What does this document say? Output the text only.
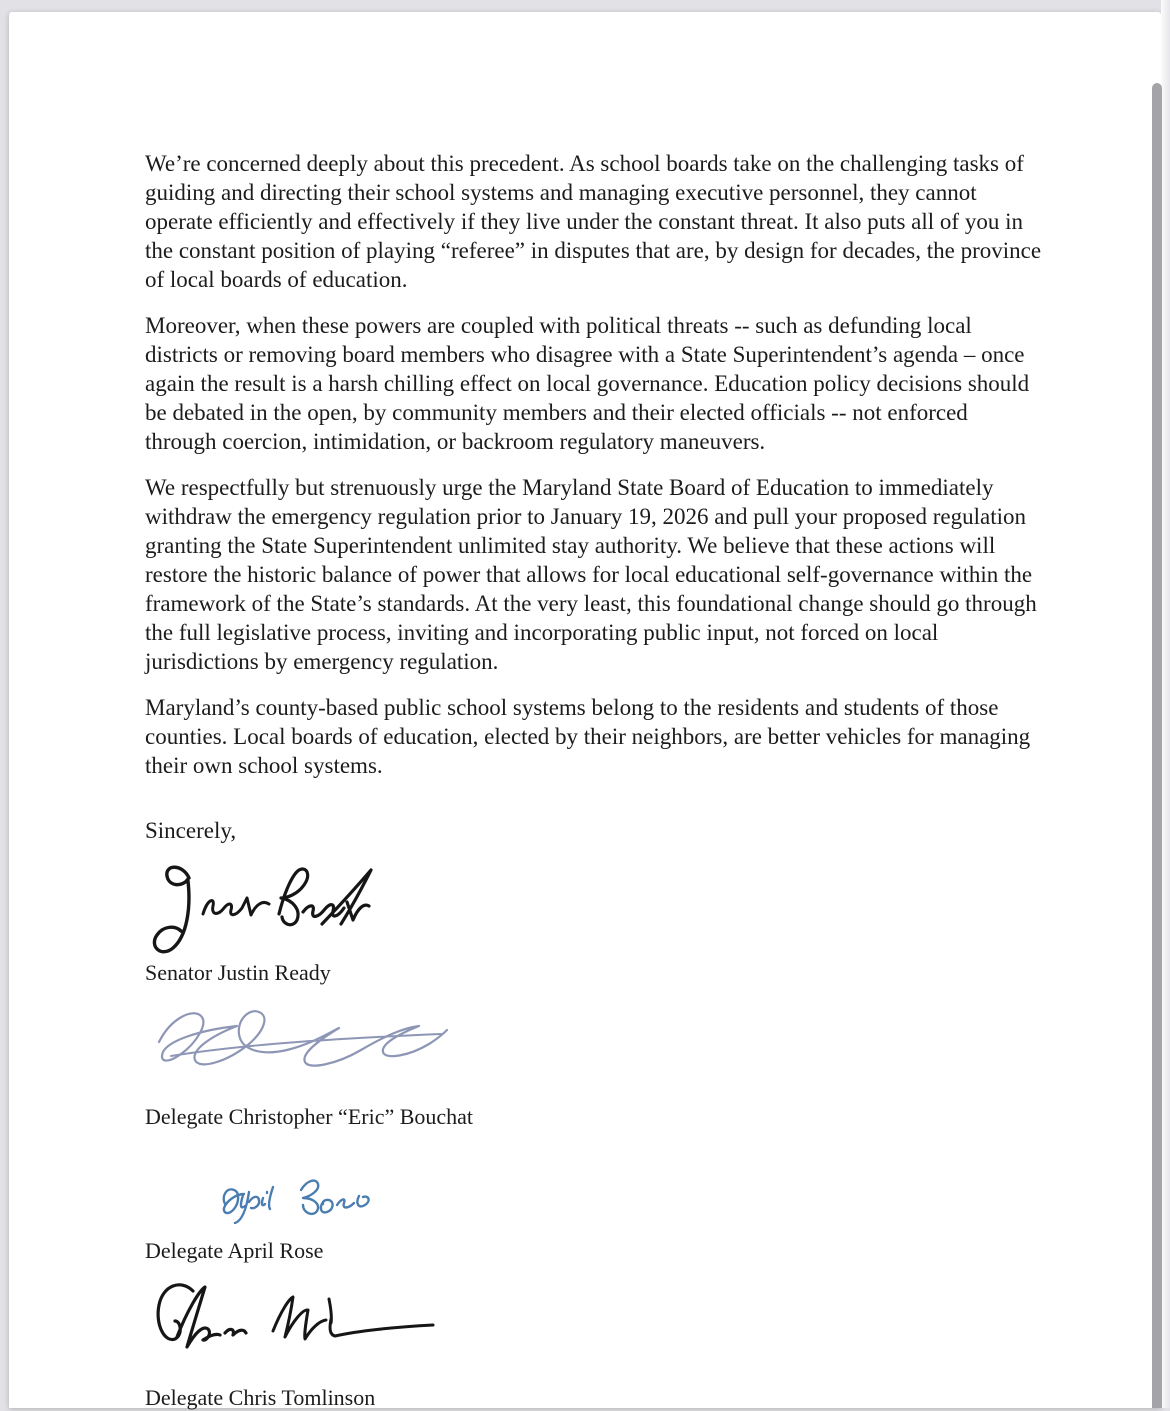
We’re concerned deeply about this precedent. As school boards take on the challenging tasks of guiding and directing their school systems and managing executive personnel, they cannot operate efficiently and effectively if they live under the constant threat. It also puts all of you in the constant position of playing “referee” in disputes that are, by design for decades, the province of local boards of education.

Moreover, when these powers are coupled with political threats -- such as defunding local districts or removing board members who disagree with a State Superintendent’s agenda – once again the result is a harsh chilling effect on local governance. Education policy decisions should be debated in the open, by community members and their elected officials -- not enforced through coercion, intimidation, or backroom regulatory maneuvers.

We respectfully but strenuously urge the Maryland State Board of Education to immediately withdraw the emergency regulation prior to January 19, 2026 and pull your proposed regulation granting the State Superintendent unlimited stay authority. We believe that these actions will restore the historic balance of power that allows for local educational self-governance within the framework of the State’s standards. At the very least, this foundational change should go through the full legislative process, inviting and incorporating public input, not forced on local jurisdictions by emergency regulation.

Maryland’s county-based public school systems belong to the residents and students of those counties. Local boards of education, elected by their neighbors, are better vehicles for managing their own school systems.

Sincerely,

Senator Justin Ready
Delegate Christopher “Eric” Bouchat
Delegate April Rose
Delegate Chris Tomlinson
